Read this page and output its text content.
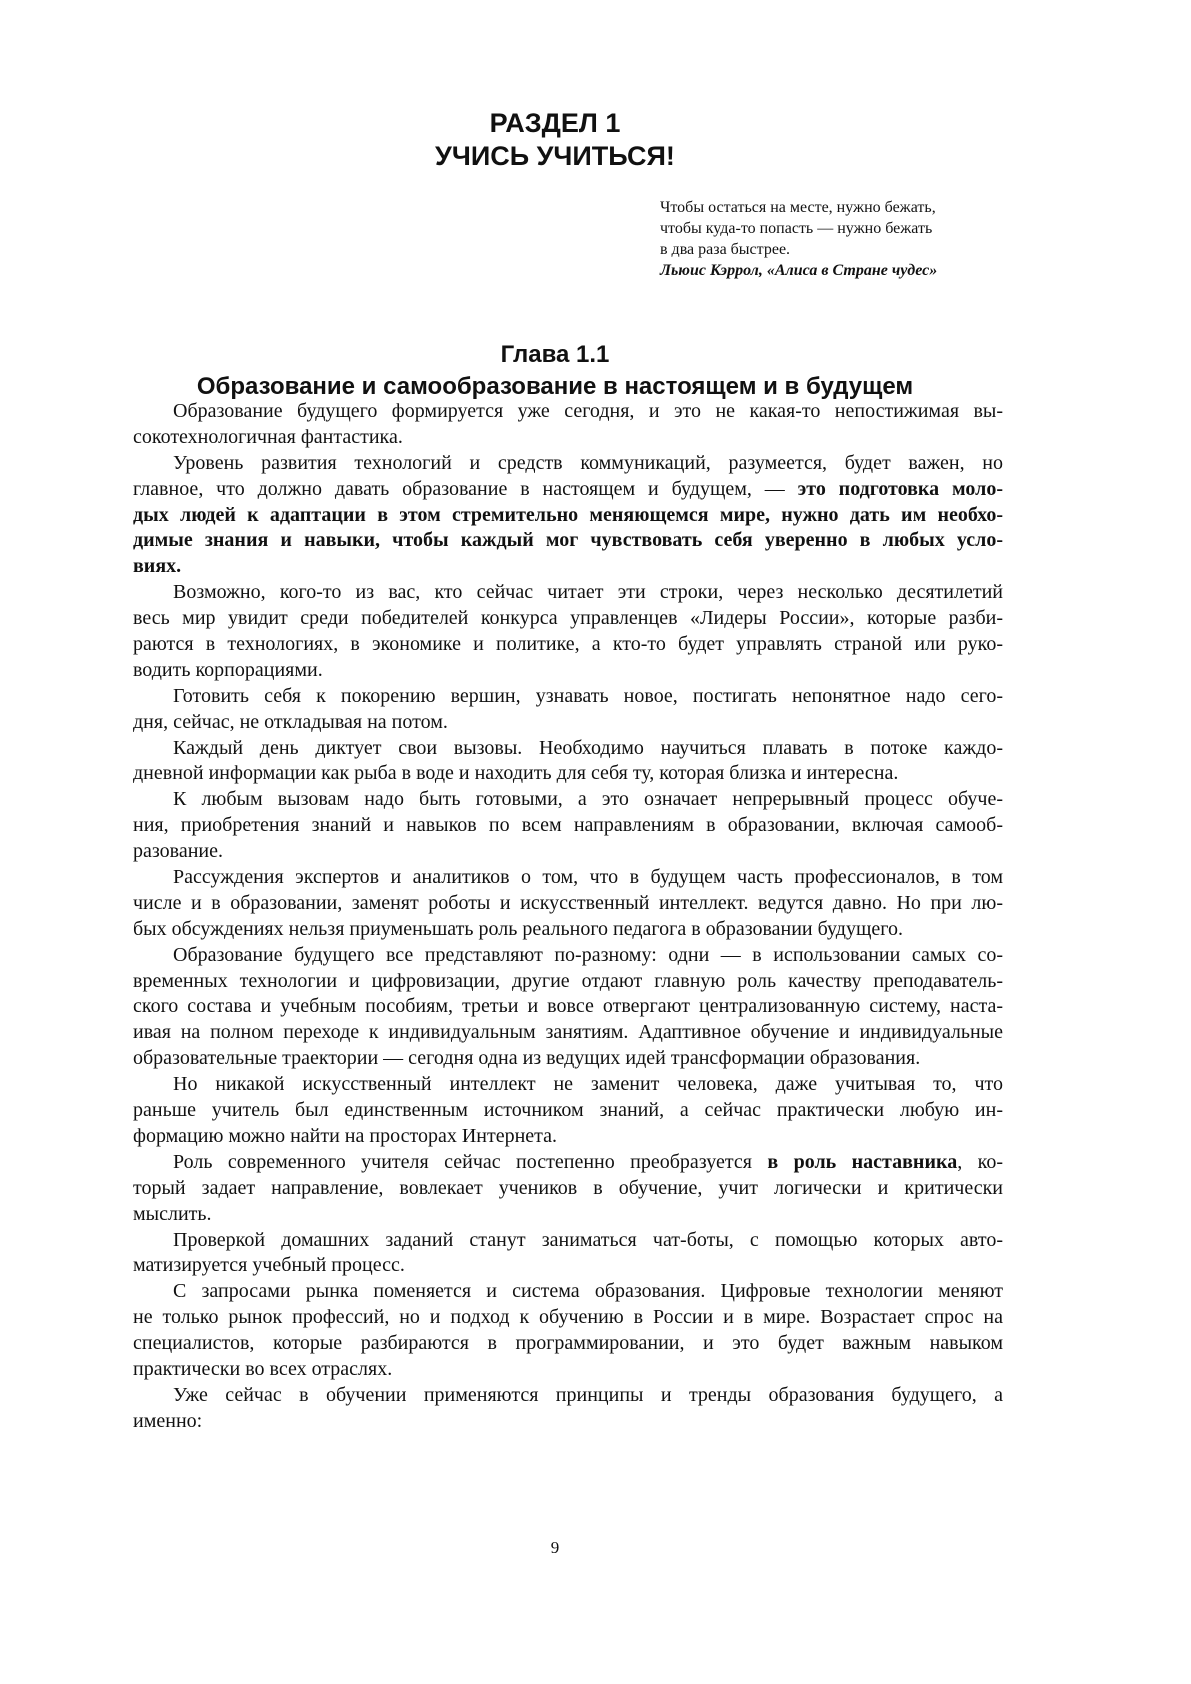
РАЗДЕЛ 1
УЧИСЬ УЧИТЬСЯ!
Чтобы остаться на месте, нужно бежать,
чтобы куда-то попасть — нужно бежать
в два раза быстрее.
Льюис Кэррол, «Алиса в Стране чудес»
Глава 1.1
Образование и самообразование в настоящем и в будущем
Образование будущего формируется уже сегодня, и это не какая-то непостижимая вы-
сокотехнологичная фантастика.
Уровень развития технологий и средств коммуникаций, разумеется, будет важен, но
главное, что должно давать образование в настоящем и будущем, — это подготовка моло-
дых людей к адаптации в этом стремительно меняющемся мире, нужно дать им необхо-
димые знания и навыки, чтобы каждый мог чувствовать себя уверенно в любых усло-
виях.
Возможно, кого-то из вас, кто сейчас читает эти строки, через несколько десятилетий
весь мир увидит среди победителей конкурса управленцев «Лидеры России», которые разби-
раются в технологиях, в экономике и политике, а кто-то будет управлять страной или руко-
водить корпорациями.
Готовить себя к покорению вершин, узнавать новое, постигать непонятное надо сего-
дня, сейчас, не откладывая на потом.
Каждый день диктует свои вызовы. Необходимо научиться плавать в потоке каждо-
дневной информации как рыба в воде и находить для себя ту, которая близка и интересна.
К любым вызовам надо быть готовыми, а это означает непрерывный процесс обуче-
ния, приобретения знаний и навыков по всем направлениям в образовании, включая самооб-
разование.
Рассуждения экспертов и аналитиков о том, что в будущем часть профессионалов, в том
числе и в образовании, заменят роботы и искусственный интеллект. ведутся давно. Но при лю-
бых обсуждениях нельзя приуменьшать роль реального педагога в образовании будущего.
Образование будущего все представляют по-разному: одни — в использовании самых со-
временных технологии и цифровизации, другие отдают главную роль качеству преподаватель-
ского состава и учебным пособиям, третьи и вовсе отвергают централизованную систему, наста-
ивая на полном переходе к индивидуальным занятиям. Адаптивное обучение и индивидуальные
образовательные траектории — сегодня одна из ведущих идей трансформации образования.
Но никакой искусственный интеллект не заменит человека, даже учитывая то, что
раньше учитель был единственным источником знаний, а сейчас практически любую ин-
формацию можно найти на просторах Интернета.
Роль современного учителя сейчас постепенно преобразуется в роль наставника, ко-
торый задает направление, вовлекает учеников в обучение, учит логически и критически
мыслить.
Проверкой домашних заданий станут заниматься чат-боты, с помощью которых авто-
матизируется учебный процесс.
С запросами рынка поменяется и система образования. Цифровые технологии меняют
не только рынок профессий, но и подход к обучению в России и в мире. Возрастает спрос на
специалистов, которые разбираются в программировании, и это будет важным навыком
практически во всех отраслях.
Уже сейчас в обучении применяются принципы и тренды образования будущего, а
именно:
9
